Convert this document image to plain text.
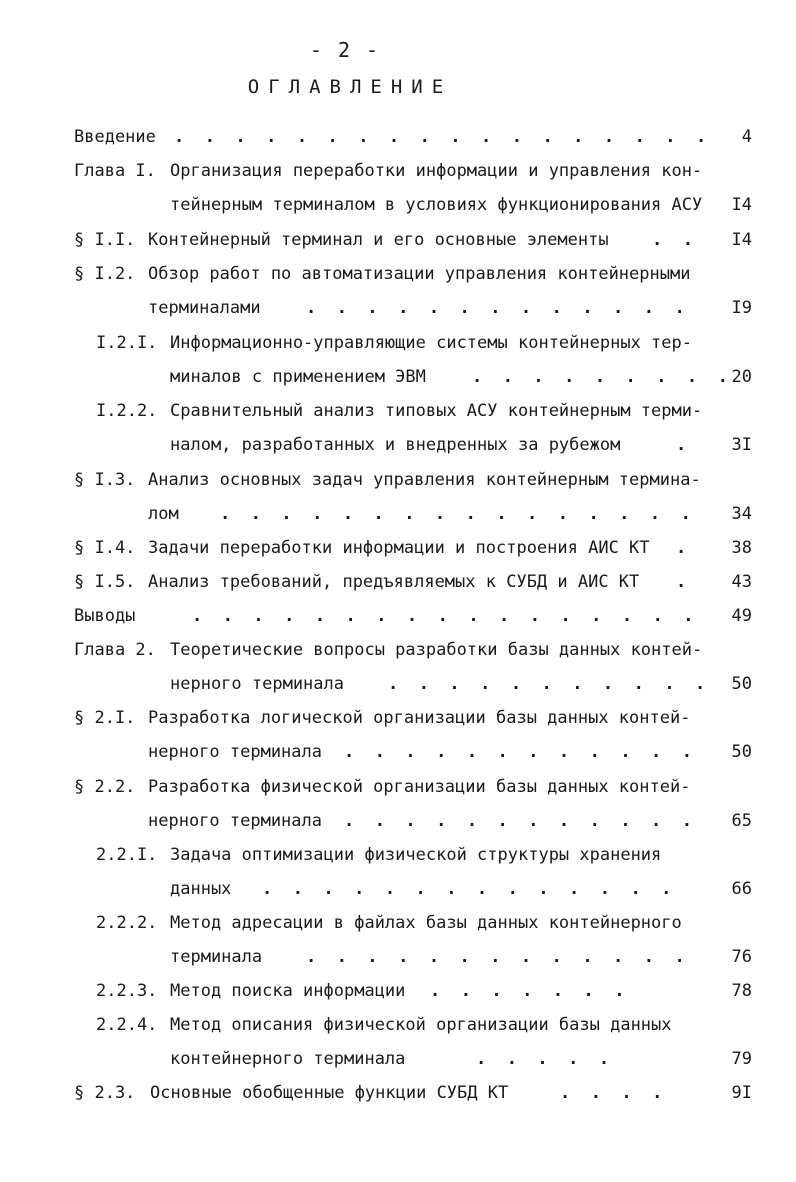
- 2 -
ОГЛАВЛЕНИЕ
Введение .  .  .  .  .  .  .  .  .  .  .  .  .  .  .  .  .  . 4
Глава I. Организация переработки информации и управления кон-
тейнерным терминалом в условиях функционирования АСУ I4
§ I.I. Контейнерный терминал и его основные элементы	.  . I4
§ I.2. Обзор работ по автоматизации управления контейнерными
терминалами	.  .  .  .  .  .  .  .  .  .  .  .  .	I9
I.2.I. Информационно-управляющие системы контейнерных тер-
миналов с применением ЭВМ	.  .  .  .  .  .  .  .  . 20
I.2.2. Сравнительный анализ типовых АСУ контейнерным терми-
налом, разработанных и внедренных за рубежом	.	3I
§ I.3. Анализ основных задач управления контейнерным термина-
лом .  .  .  .  .  .  .  .  .  .  .  .  .  .  .  . 34
§ I.4. Задачи переработки информации и построения АИС КТ .	38
§ I.5. Анализ требований, предъявляемых к СУБД и АИС КТ .	43
Выводы	.  .  .  .  .  .  .  .  .  .  .  .  .  .  .  .  . 49
Глава 2. Теоретические вопросы разработки базы данных контей-
нерного терминала	.  .  .  .  .  .  .  .  .  .  . 50
§ 2.I. Разработка логической организации базы данных контей-
нерного терминала .  .  .  .  .  .  .  .  .  .  .  . 50
§ 2.2. Разработка физической организации базы данных контей-
нерного терминала .  .  .  .  .  .  .  .  .  .  .  . 65
2.2.I. Задача оптимизации физической структуры хранения
данных .  .  .  .  .  .  .  .  .  .  .  .  .  .	66
2.2.2. Метод адресации в файлах базы данных контейнерного
терминала	.  .  .  .  .  .  .  .  .  .  .  .  .	76
2.2.3. Метод поиска информации .  .  .  .  .  .  .	78
2.2.4. Метод описания физической организации базы данных
контейнерного терминала	.  .  .  .  .	79
§ 2.3. Основные обобщенные функции СУБД КТ	.  .  .  .	9I
